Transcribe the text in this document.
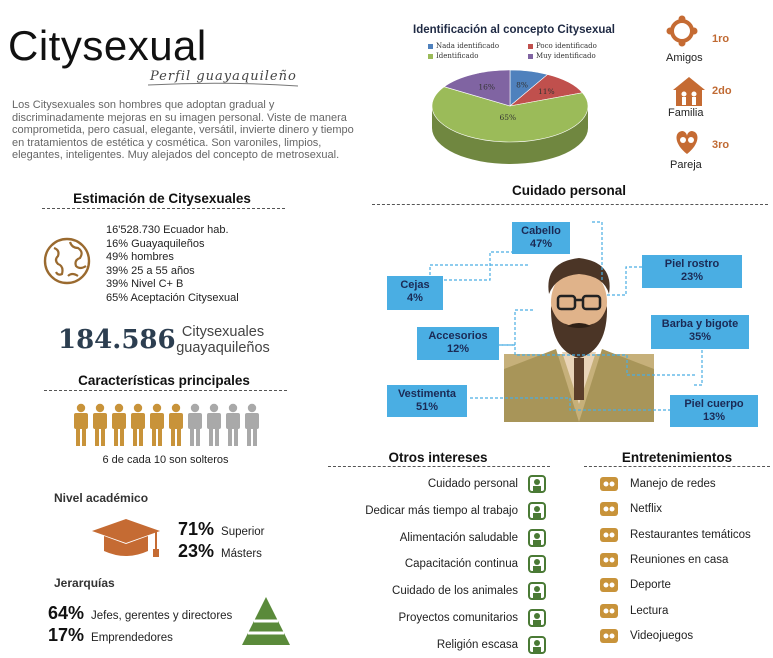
Citysexual
Perfil guayaquileño
Los Citysexuales son hombres que adoptan gradual y discriminadamente mejoras en su imagen personal. Viste de manera comprometida, pero casual, elegante, versátil, invierte dinero y tiempo en tratamientos de estética y cosmética. Son varoniles, limpios, elegantes, inteligentes. Muy alejados del concepto de metrosexual.
Estimación de Citysexuales
16'528.730 Ecuador hab.
16% Guayaquileños
49% hombres
39% 25 a 55 años
39% Nivel C+ B
65% Aceptación Citysexual
184.586 Citysexuales
guayaquileños
Características principales
6 de cada 10 son solteros
Nivel académico
71% Superior
23% Másters
Jerarquías
64% Jefes, gerentes y directores
17% Emprendedores
Identificación al concepto Citysexual
Nada identificado	Poco identificado
Identificado	Muy identificado
8%
11%
65%
16%
1ro
Amigos
2do
Familia
3ro
Pareja
Cuidado personal
Cabello
47%
Piel rostro
23%
Cejas
4%
Barba y bigote
35%
Accesorios
12%
Vestimenta
51%	Piel cuerpo
13%
Otros intereses
Cuidado personal
Dedicar más tiempo al trabajo
Alimentación saludable
Capacitación continua
Cuidado de los animales
Proyectos comunitarios
Religión escasa
Entretenimientos
Manejo de redes
Netflix
Restaurantes temáticos
Reuniones en casa
Deporte
Lectura
Videojuegos
